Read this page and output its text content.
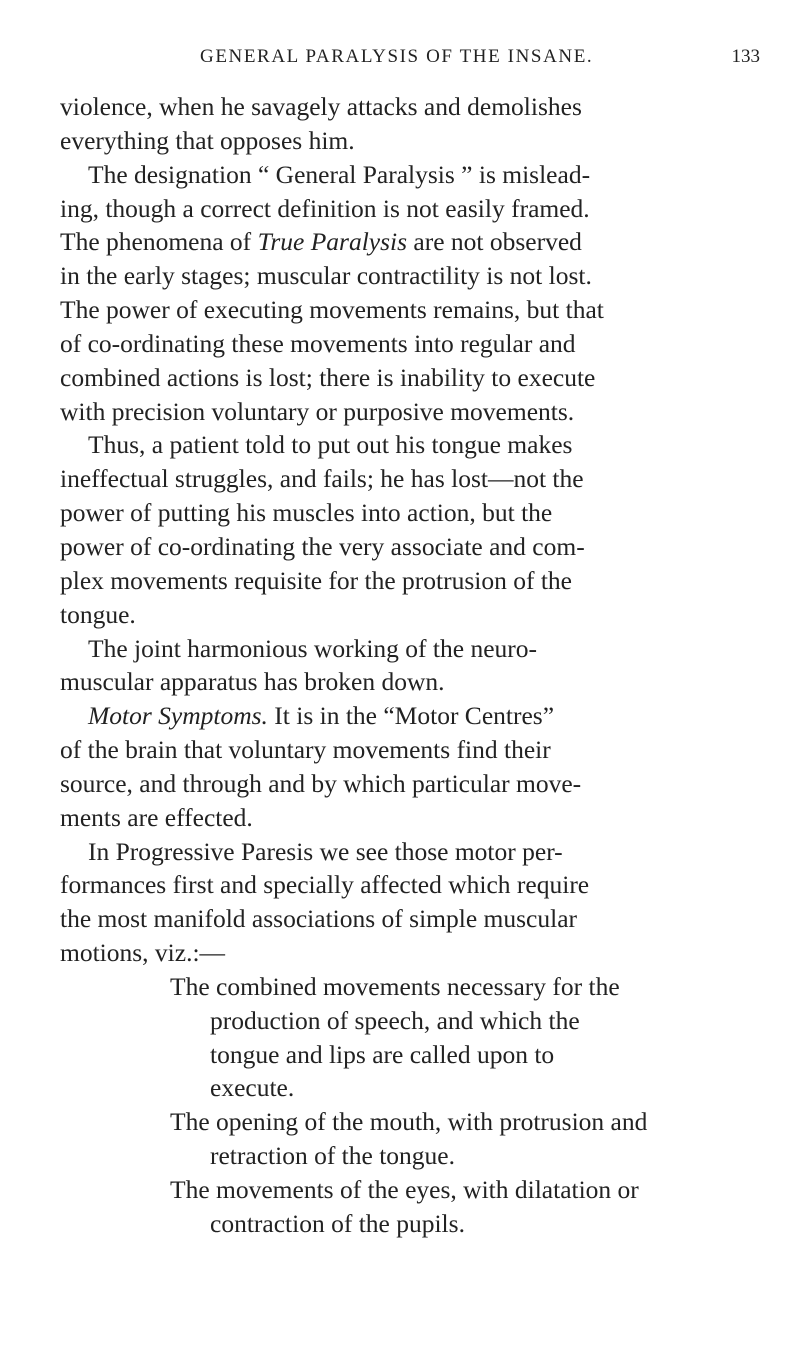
GENERAL PARALYSIS OF THE INSANE.	133
violence, when he savagely attacks and demolishes
everything that opposes him.
The designation “ General Paralysis ” is mislead-
ing, though a correct definition is not easily framed.
The phenomena of True Paralysis are not observed
in the early stages; muscular contractility is not lost.
The power of executing movements remains, but that
of co-ordinating these movements into regular and
combined actions is lost; there is inability to execute
with precision voluntary or purposive movements.
Thus, a patient told to put out his tongue makes
ineffectual struggles, and fails; he has lost—not the
power of putting his muscles into action, but the
power of co-ordinating the very associate and com-
plex movements requisite for the protrusion of the
tongue.
The joint harmonious working of the neuro-
muscular apparatus has broken down.
Motor Symptoms. It is in the “Motor Centres”
of the brain that voluntary movements find their
source, and through and by which particular move-
ments are effected.
In Progressive Paresis we see those motor per-
formances first and specially affected which require
the most manifold associations of simple muscular
motions, viz.:—
The combined movements necessary for the
production of speech, and which the
tongue and lips are called upon to
execute.
The opening of the mouth, with protrusion and
retraction of the tongue.
The movements of the eyes, with dilatation or
contraction of the pupils.
